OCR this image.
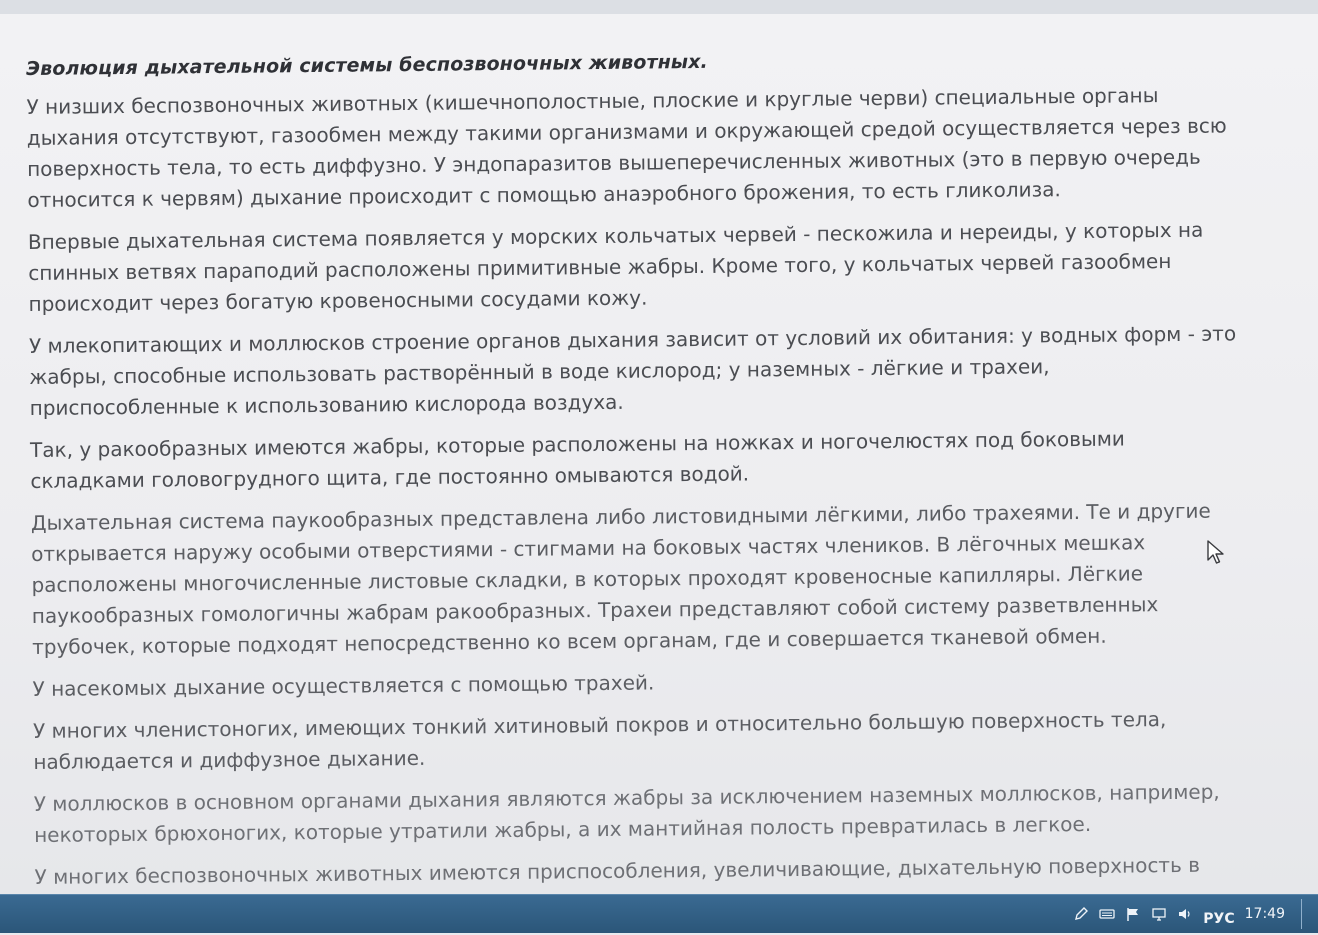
Эволюция дыхательной системы беспозвоночных животных.

У низших беспозвоночных животных (кишечнополостные, плоские и круглые черви) специальные органы дыхания отсутствуют, газообмен между такими организмами и окружающей средой осуществляется через всю поверхность тела, то есть диффузно. У эндопаразитов вышеперечисленных животных (это в первую очередь относится к червям) дыхание происходит с помощью анаэробного брожения, то есть гликолиза.

Впервые дыхательная система появляется у морских кольчатых червей - пескожила и нереиды, у которых на спинных ветвях параподий расположены примитивные жабры. Кроме того, у кольчатых червей газообмен происходит через богатую кровеносными сосудами кожу.

У млекопитающих и моллюсков строение органов дыхания зависит от условий их обитания: у водных форм - это жабры, способные использовать растворённый в воде кислород; у наземных - лёгкие и трахеи, приспособленные к использованию кислорода воздуха.

Так, у ракообразных имеются жабры, которые расположены на ножках и ногочелюстях под боковыми складками головогрудного щита, где постоянно омываются водой.

Дыхательная система паукообразных представлена либо листовидными лёгкими, либо трахеями. Те и другие открывается наружу особыми отверстиями - стигмами на боковых частях члеников. В лёгочных мешках расположены многочисленные листовые складки, в которых проходят кровеносные капилляры. Лёгкие паукообразных гомологичны жабрам ракообразных. Трахеи представляют собой систему разветвленных трубочек, которые подходят непосредственно ко всем органам, где и совершается тканевой обмен.

У насекомых дыхание осуществляется с помощью трахей.

У многих членистоногих, имеющих тонкий хитиновый покров и относительно большую поверхность тела, наблюдается и диффузное дыхание.

У моллюсков в основном органами дыхания являются жабры за исключением наземных моллюсков, например, некоторых брюхоногих, которые утратили жабры, а их мантийная полость превратилась в легкое.

У многих беспозвоночных животных имеются приспособления, увеличивающие, дыхательную поверхность в

РУС 17:49
